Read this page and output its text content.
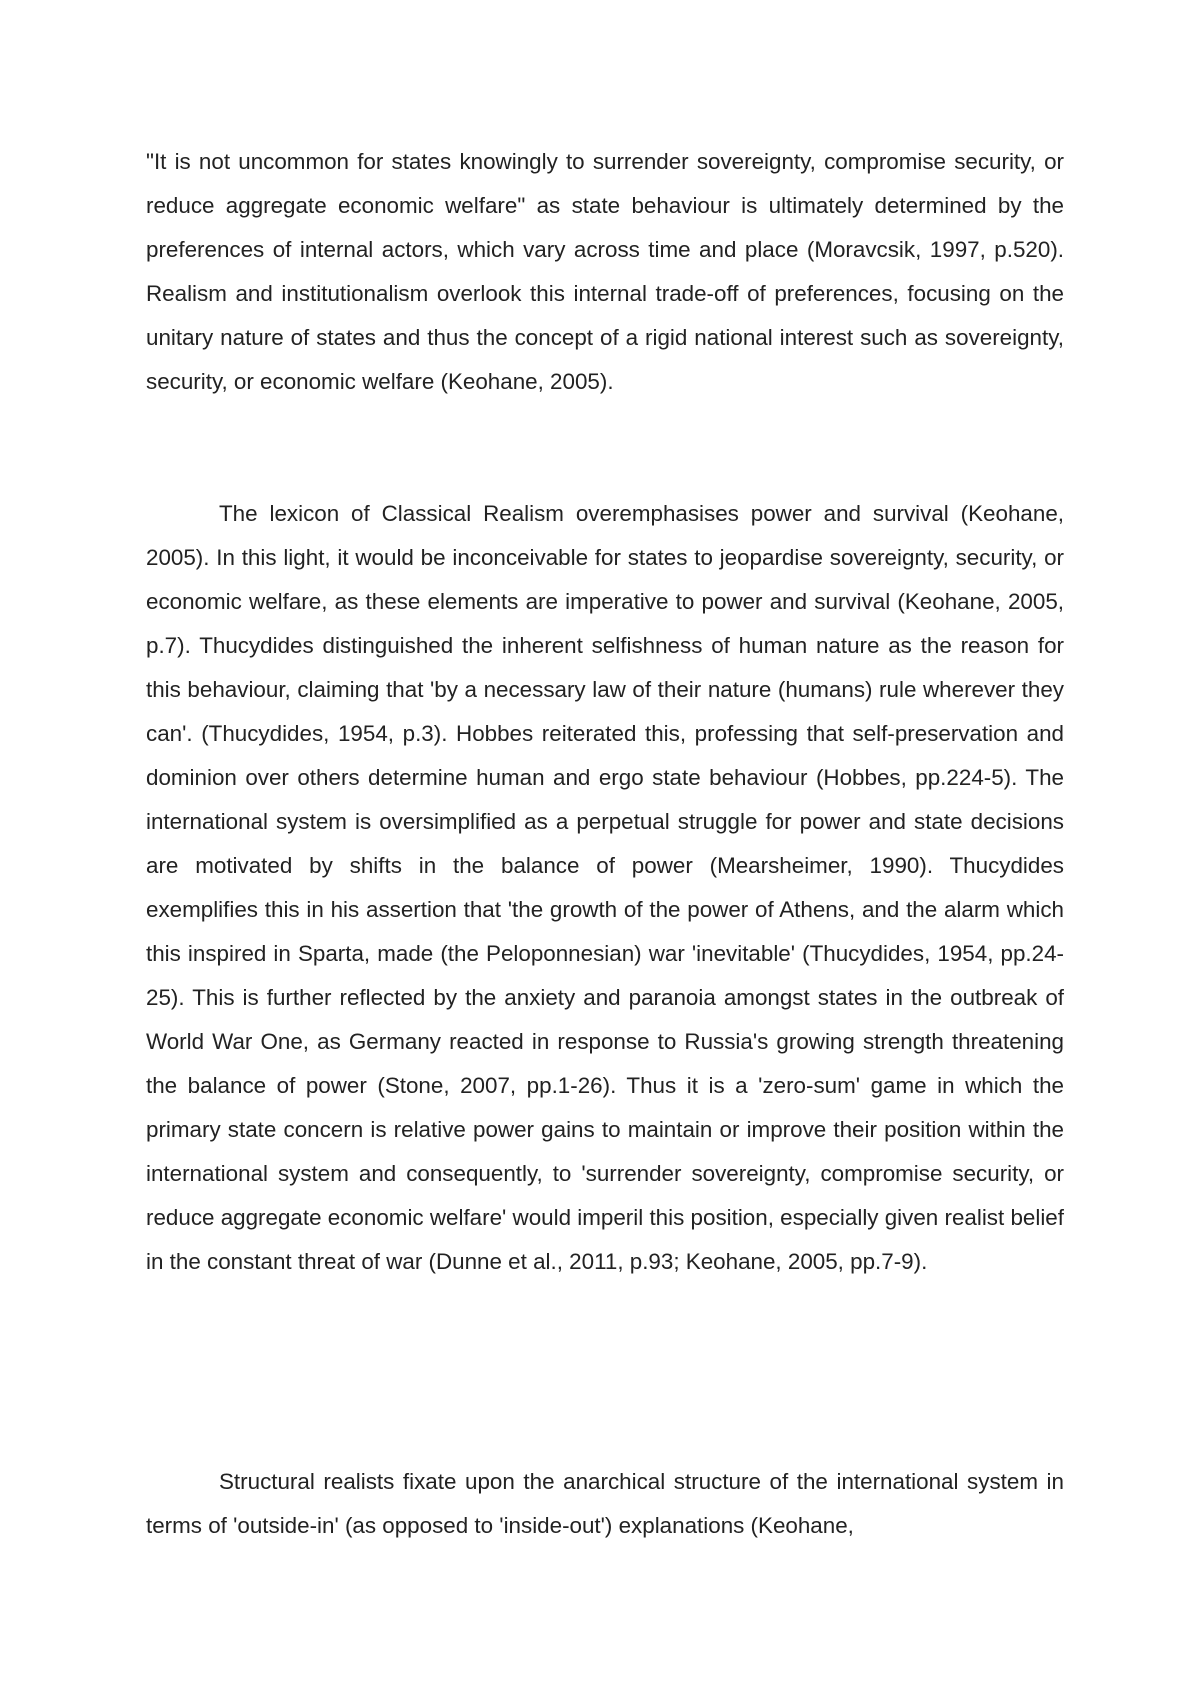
"It is not uncommon for states knowingly to surrender sovereignty, compromise security, or reduce aggregate economic welfare" as state behaviour is ultimately determined by the preferences of internal actors, which vary across time and place (Moravcsik, 1997, p.520). Realism and institutionalism overlook this internal trade-off of preferences, focusing on the unitary nature of states and thus the concept of a rigid national interest such as sovereignty, security, or economic welfare (Keohane, 2005).

The lexicon of Classical Realism overemphasises power and survival (Keohane, 2005). In this light, it would be inconceivable for states to jeopardise sovereignty, security, or economic welfare, as these elements are imperative to power and survival (Keohane, 2005, p.7). Thucydides distinguished the inherent selfishness of human nature as the reason for this behaviour, claiming that 'by a necessary law of their nature (humans) rule wherever they can'. (Thucydides, 1954, p.3). Hobbes reiterated this, professing that self-preservation and dominion over others determine human and ergo state behaviour (Hobbes, pp.224-5). The international system is oversimplified as a perpetual struggle for power and state decisions are motivated by shifts in the balance of power (Mearsheimer, 1990). Thucydides exemplifies this in his assertion that 'the growth of the power of Athens, and the alarm which this inspired in Sparta, made (the Peloponnesian) war 'inevitable' (Thucydides, 1954, pp.24-25). This is further reflected by the anxiety and paranoia amongst states in the outbreak of World War One, as Germany reacted in response to Russia's growing strength threatening the balance of power (Stone, 2007, pp.1-26). Thus it is a 'zero-sum' game in which the primary state concern is relative power gains to maintain or improve their position within the international system and consequently, to 'surrender sovereignty, compromise security, or reduce aggregate economic welfare' would imperil this position, especially given realist belief in the constant threat of war (Dunne et al., 2011, p.93; Keohane, 2005, pp.7-9).

Structural realists fixate upon the anarchical structure of the international system in terms of 'outside-in' (as opposed to 'inside-out') explanations (Keohane,
